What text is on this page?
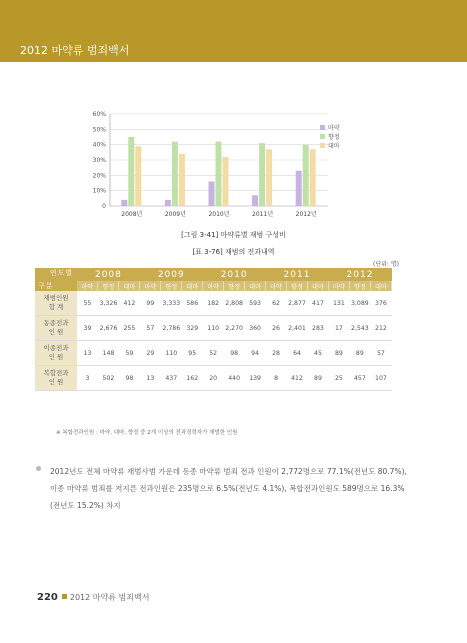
2012 마약류 범죄백서
0
10%
20%
30%
40%
50%
60%
2008년	2009년	2010년	2011년	2012년
마약
향정
대마
[그림 3-41] 마약류별 재범 구성비
[표 3-76] 재범의 전과내역
(단위: 명)
연도별
구분	2008			2009			2010			2011			2012		
	마약	향정	대마	마약	향정	대마	마약	향정	대마	마약	향정	대마	마약	향정	대마

재범인원
합 계	55	3,326	412	99	3,333	586	182	2,808	593	62	2,877	417	131	3,089	376

동종전과
인 원	39	2,676	255	57	2,786	329	110	2,270	360	26	2,401	283	17	2,543	212

이종전과
인 원	13	148	59	29	110	95	52	98	94	28	64	45	89	89	57

복합전과
인 원	3	502	98	13	437	162	20	440	139	8	412	89	25	457	107
※ 복합전과인원 : 마약, 대마, 향정 중 2개 이상의 전과경력자가 재범한 인원
2012년도 전체 마약류 재범사범 가운데 동종 마약류 범죄 전과 인원이 2,772명으로 77.1%(전년도 80.7%), 이종 마약류 범죄를 저지른 전과인원은 235명으로 6.5%(전년도 4.1%), 복합전과인원도 589명으로 16.3%(전년도 15.2%) 차지
220 2012 마약류 범죄백서
